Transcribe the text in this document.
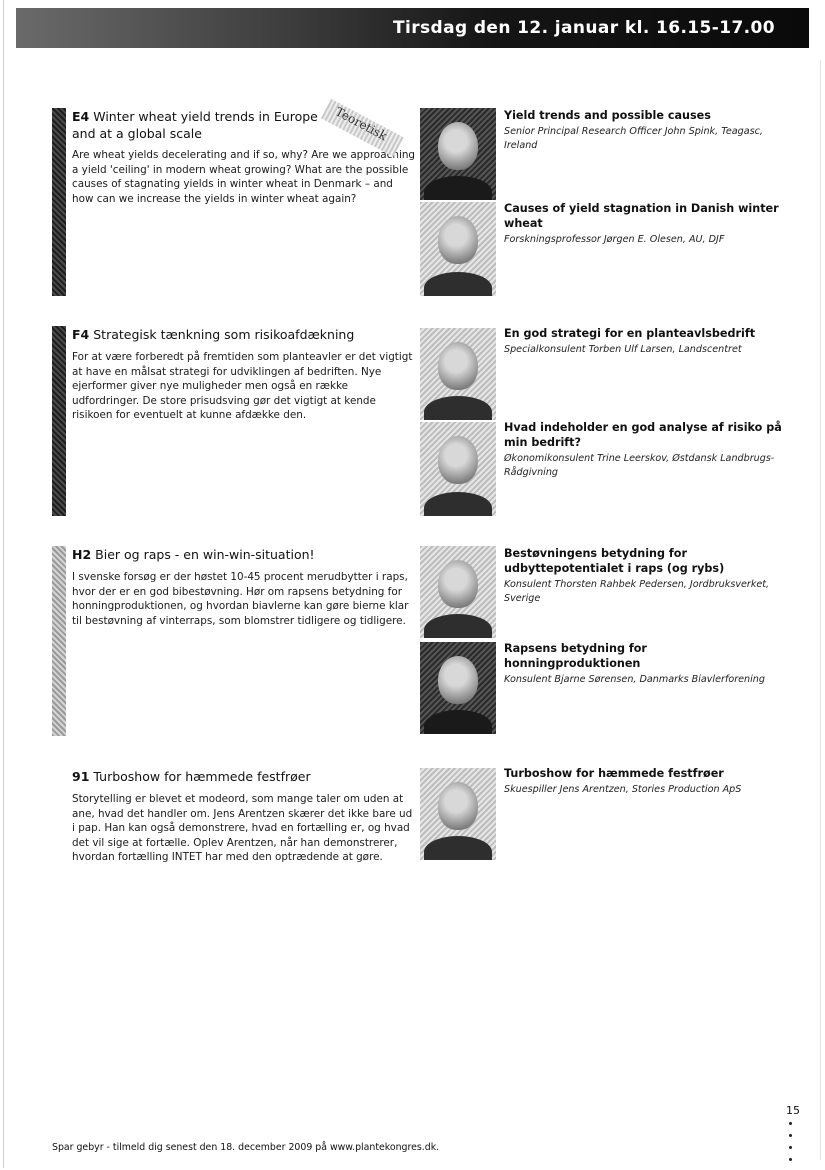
Tirsdag den 12. januar kl. 16.15-17.00
E4 Winter wheat yield trends in Europe and at a global scale
Are wheat yields decelerating and if so, why? Are we approaching a yield 'ceiling' in modern wheat growing? What are the possible causes of stagnating yields in winter wheat in Denmark – and how can we increase the yields in winter wheat again?
Teoretisk	Yield trends and possible causes
Senior Principal Research Officer John Spink, Teagasc, Ireland
Causes of yield stagnation in Danish winter wheat
Forskningsprofessor Jørgen E. Olesen, AU, DJF
F4 Strategisk tænkning som risikoafdækning
For at være forberedt på fremtiden som planteavler er det vigtigt at have en målsat strategi for udviklingen af bedriften. Nye ejerformer giver nye muligheder men også en række udfordringer. De store prisudsving gør det vigtigt at kende risikoen for eventuelt at kunne afdække den.
En god strategi for en planteavlsbedrift
Specialkonsulent Torben Ulf Larsen, Landscentret
Hvad indeholder en god analyse af risiko på min bedrift?
Økonomikonsulent Trine Leerskov, Østdansk Landbrugs-Rådgivning
H2 Bier og raps - en win-win-situation!
I svenske forsøg er der høstet 10-45 procent merudbytter i raps, hvor der er en god bibestøvning. Hør om rapsens betydning for honningproduktionen, og hvordan biavlerne kan gøre bierne klar til bestøvning af vinterraps, som blomstrer tidligere og tidligere.
Bestøvningens betydning for udbyttepotentialet i raps (og rybs)
Konsulent Thorsten Rahbek Pedersen, Jordbruksverket, Sverige
Rapsens betydning for honningproduktionen
Konsulent Bjarne Sørensen, Danmarks Biavlerforening
91 Turboshow for hæmmede festfrøer
Storytelling er blevet et modeord, som mange taler om uden at ane, hvad det handler om. Jens Arentzen skærer det ikke bare ud i pap. Han kan også demonstrere, hvad en fortælling er, og hvad det vil sige at fortælle. Oplev Arentzen, når han demonstrerer, hvordan fortælling INTET har med den optrædende at gøre.
Turboshow for hæmmede festfrøer
Skuespiller Jens Arentzen, Stories Production ApS
Spar gebyr - tilmeld dig senest den 18. december 2009 på www.plantekongres.dk.
15
